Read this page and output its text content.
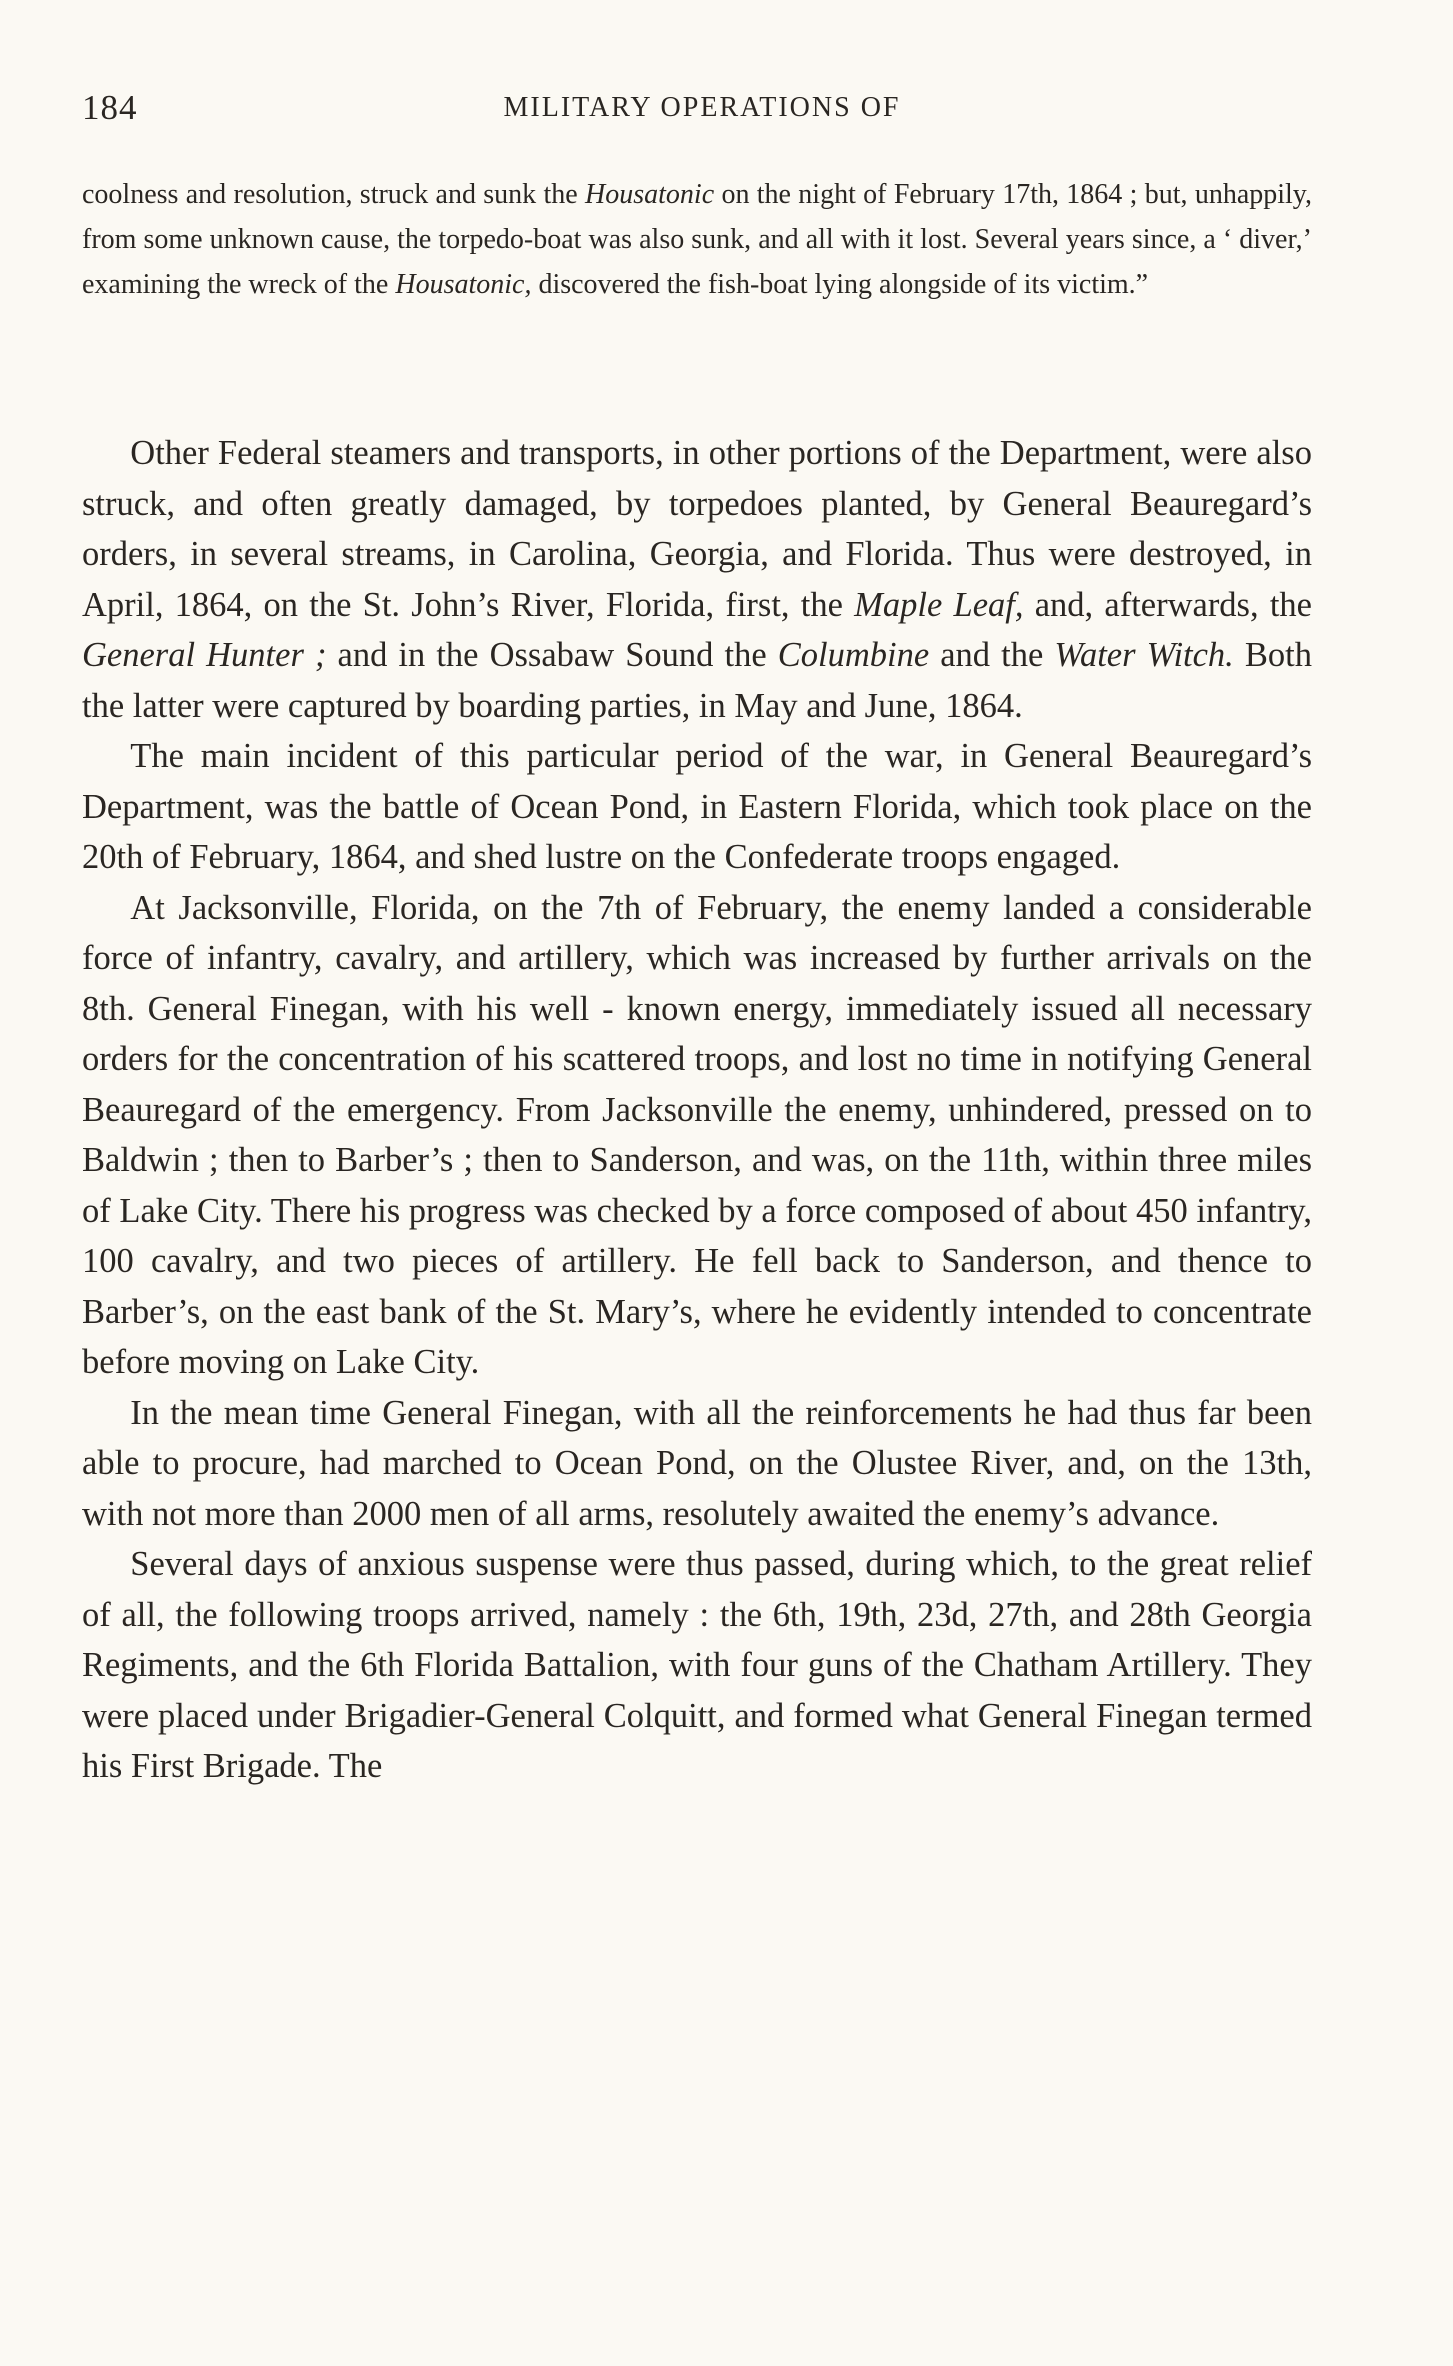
184	MILITARY OPERATIONS OF

coolness and resolution, struck and sunk the Housatonic on the night of February 17th, 1864 ; but, unhappily, from some unknown cause, the torpedo-boat was also sunk, and all with it lost. Several years since, a ‘ diver,’ examining the wreck of the Housatonic, discovered the fish-boat lying alongside of its victim.”

Other Federal steamers and transports, in other portions of the Department, were also struck, and often greatly damaged, by torpedoes planted, by General Beauregard’s orders, in several streams, in Carolina, Georgia, and Florida. Thus were destroyed, in April, 1864, on the St. John’s River, Florida, first, the Maple Leaf, and, afterwards, the General Hunter ; and in the Ossabaw Sound the Columbine and the Water Witch. Both the latter were captured by boarding parties, in May and June, 1864.

The main incident of this particular period of the war, in General Beauregard’s Department, was the battle of Ocean Pond, in Eastern Florida, which took place on the 20th of February, 1864, and shed lustre on the Confederate troops engaged.

At Jacksonville, Florida, on the 7th of February, the enemy landed a considerable force of infantry, cavalry, and artillery, which was increased by further arrivals on the 8th. General Finegan, with his well - known energy, immediately issued all necessary orders for the concentration of his scattered troops, and lost no time in notifying General Beauregard of the emergency. From Jacksonville the enemy, unhindered, pressed on to Baldwin ; then to Barber’s ; then to Sanderson, and was, on the 11th, within three miles of Lake City. There his progress was checked by a force composed of about 450 infantry, 100 cavalry, and two pieces of artillery. He fell back to Sanderson, and thence to Barber’s, on the east bank of the St. Mary’s, where he evidently intended to concentrate before moving on Lake City.

In the mean time General Finegan, with all the reinforcements he had thus far been able to procure, had marched to Ocean Pond, on the Olustee River, and, on the 13th, with not more than 2000 men of all arms, resolutely awaited the enemy’s advance.

Several days of anxious suspense were thus passed, during which, to the great relief of all, the following troops arrived, namely : the 6th, 19th, 23d, 27th, and 28th Georgia Regiments, and the 6th Florida Battalion, with four guns of the Chatham Artillery. They were placed under Brigadier-General Colquitt, and formed what General Finegan termed his First Brigade. The
